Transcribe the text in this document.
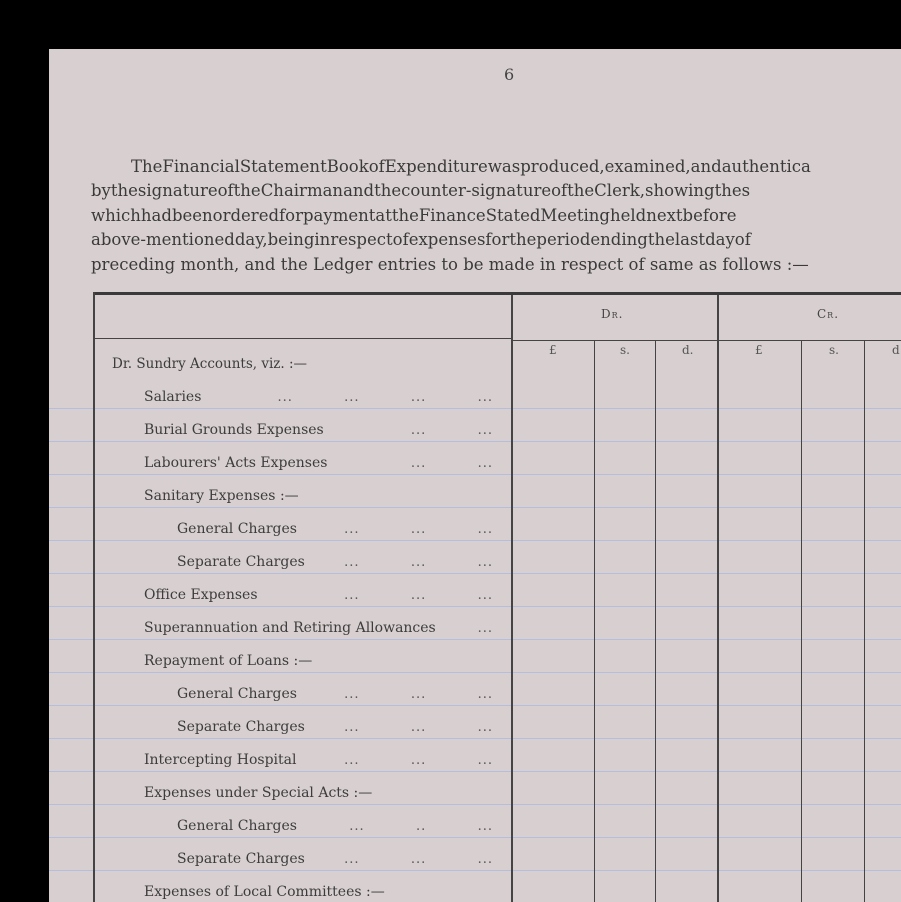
6
TheFinancialStatementBookofExpenditurewasproduced,examined,andauthentica
bythesignatureoftheChairmanandthecounter-signatureoftheClerk,showingthes
whichhadbeenorderedforpaymentattheFinanceStatedMeetingheldnextbefore
above-mentionedday,beinginrespectofexpensesfortheperiodendingthelastdayof
preceding month, and the Ledger entries to be made in respect of same as follows :—
Dr.	Cr.
£	s.	d.	£	s.	d
Dr. Sundry Accounts, viz. :—
Salaries	...          ...          ...          ...
Burial Grounds Expenses	...          ...
Labourers' Acts Expenses	...          ...
Sanitary Expenses :—
General Charges	...          ...          ...
Separate Charges	...          ...          ...
Office Expenses	...          ...          ...
Superannuation and Retiring Allowances	...
Repayment of Loans :—
General Charges	...          ...          ...
Separate Charges	...          ...          ...
Intercepting Hospital	...          ...          ...
Expenses under Special Acts :—
General Charges	...          ..          ...
Separate Charges	...          ...          ...
Expenses of Local Committees :—
